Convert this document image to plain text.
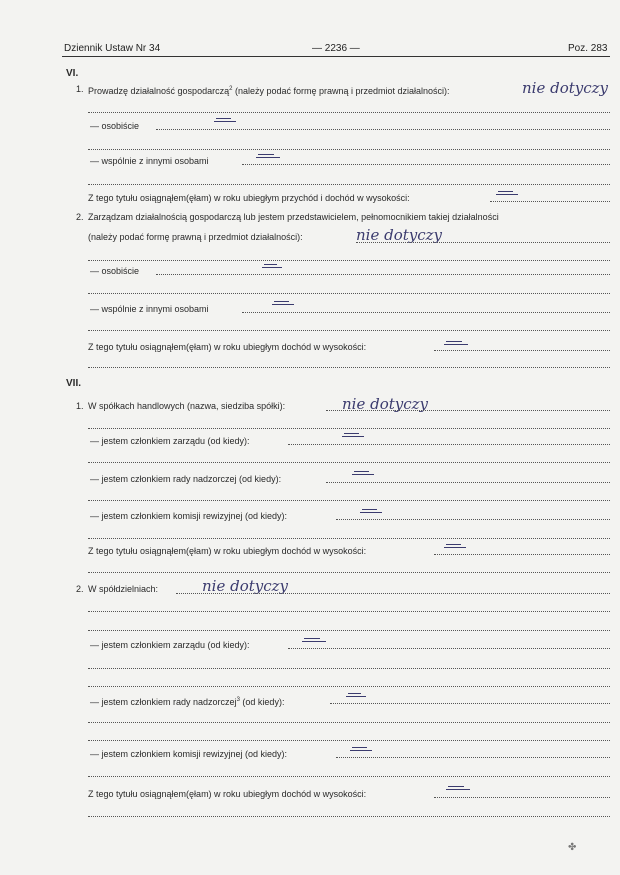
Dziennik Ustaw Nr 34	— 2236 —	Poz. 283
VI.
1. Prowadzę działalność gospodarczą$^2$ (należy podać formę prawną i przedmiot działalności):	nie dotyczy
— osobiście
— wspólnie z innymi osobami
Z tego tytułu osiągnąłem(ęłam) w roku ubiegłym przychód i dochód w wysokości:
2. Zarządzam działalnością gospodarczą lub jestem przedstawicielem, pełnomocnikiem takiej działalności
(należy podać formę prawną i przedmiot działalności):	nie dotyczy
— osobiście
— wspólnie z innymi osobami
Z tego tytułu osiągnąłem(ęłam) w roku ubiegłym dochód w wysokości:
VII.
1. W spółkach handlowych (nazwa, siedziba spółki):	nie dotyczy
— jestem członkiem zarządu (od kiedy):
— jestem członkiem rady nadzorczej (od kiedy):
— jestem członkiem komisji rewizyjnej (od kiedy):
Z tego tytułu osiągnąłem(ęłam) w roku ubiegłym dochód w wysokości:
2. W spółdzielniach:	nie dotyczy
— jestem członkiem zarządu (od kiedy):
— jestem członkiem rady nadzorczej$^3$ (od kiedy):
— jestem członkiem komisji rewizyjnej (od kiedy):
Z tego tytułu osiągnąłem(ęłam) w roku ubiegłym dochód w wysokości:
✤
